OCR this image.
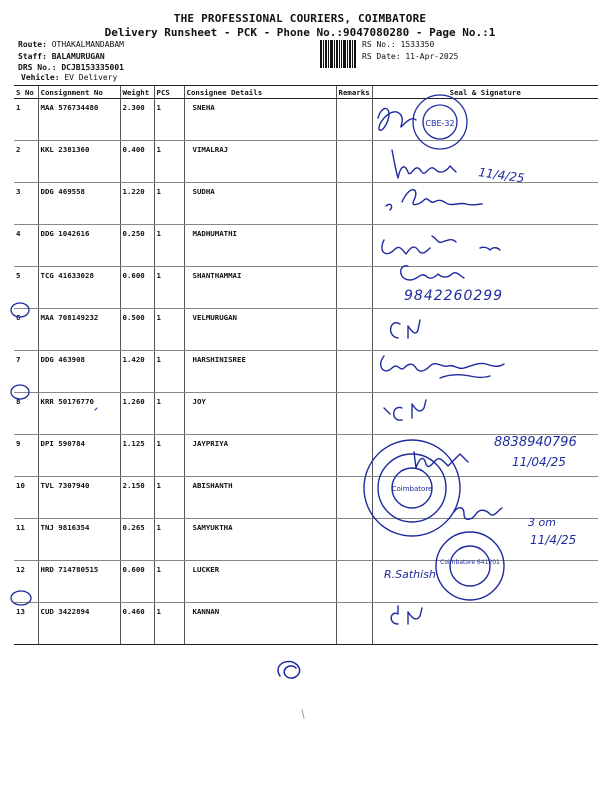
THE PROFESSIONAL COURIERS, COIMBATORE
Delivery Runsheet - PCK - Phone No.:9047080280 - Page No.:1
Route: OTHAKALMANDABAM
Staff: BALAMURUGAN
DRS No.: DCJB153335001
Vehicle: EV Delivery
RS No.: 1533350
RS Date: 11-Apr-2025
S No	Consignment No	Weight	PCS	Consignee Details	Remarks	Seal & Signature
1	MAA 576734480	2.300	1	SNEHA		
2	KKL 2381360	0.400	1	VIMALRAJ		
3	DDG 469558	1.220	1	SUDHA		
4	DDG 1042616	0.250	1	MADHUMATHI		
5	TCG 41633028	0.600	1	SHANTHAMMAI		
6	MAA 708149232	0.500	1	VELMURUGAN		
7	DDG 463908	1.420	1	HARSHINISREE		
8	KRR 50176770	1.260	1	JOY		
9	DPI 590784	1.125	1	JAYPRIYA		
10	TVL 7307940	2.150	1	ABISHANTH		
11	TNJ 9816354	0.265	1	SAMYUKTHA		
12	HRD 714780515	0.600	1	LUCKER		
13	CUD 3422894	0.460	1	KANNAN		
CBE-32
11/4/25
9842260299
Coimbatore
8838940796
11/04/25
3 om
11/4/25
Coimbatore 641201
R.Sathish
